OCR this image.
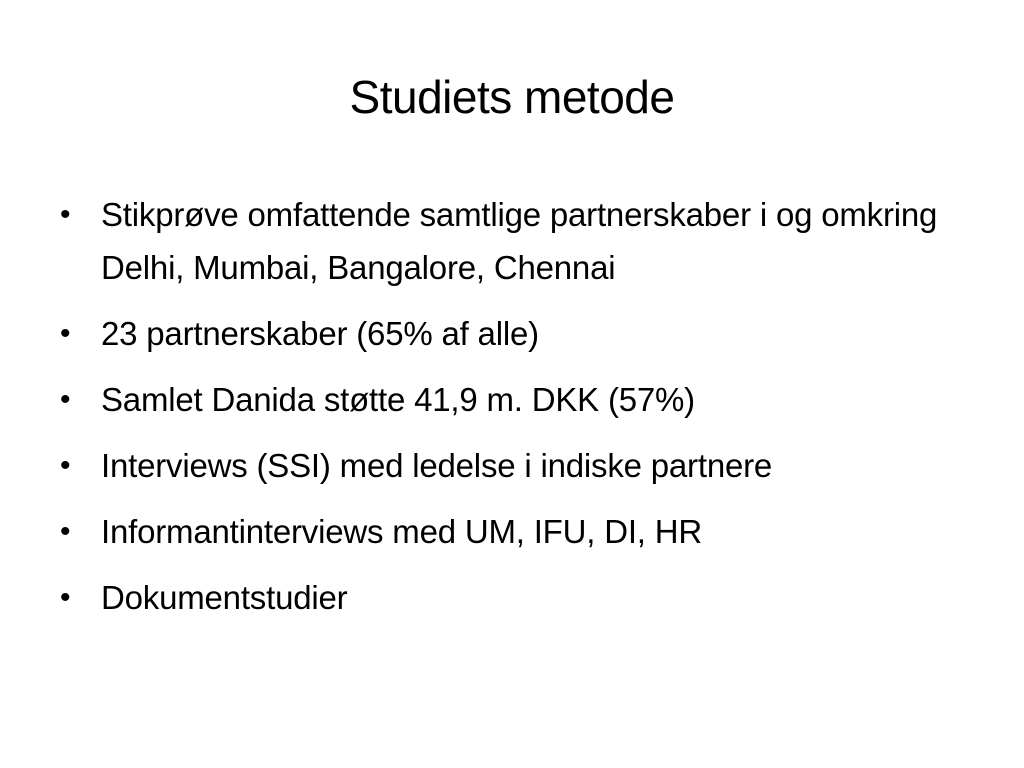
Studiets metode
• Stikprøve omfattende samtlige partnerskaber i og omkring Delhi, Mumbai, Bangalore, Chennai
• 23 partnerskaber (65% af alle)
• Samlet Danida støtte 41,9 m. DKK (57%)
• Interviews (SSI) med ledelse i indiske partnere
• Informantinterviews med UM, IFU, DI, HR
• Dokumentstudier
